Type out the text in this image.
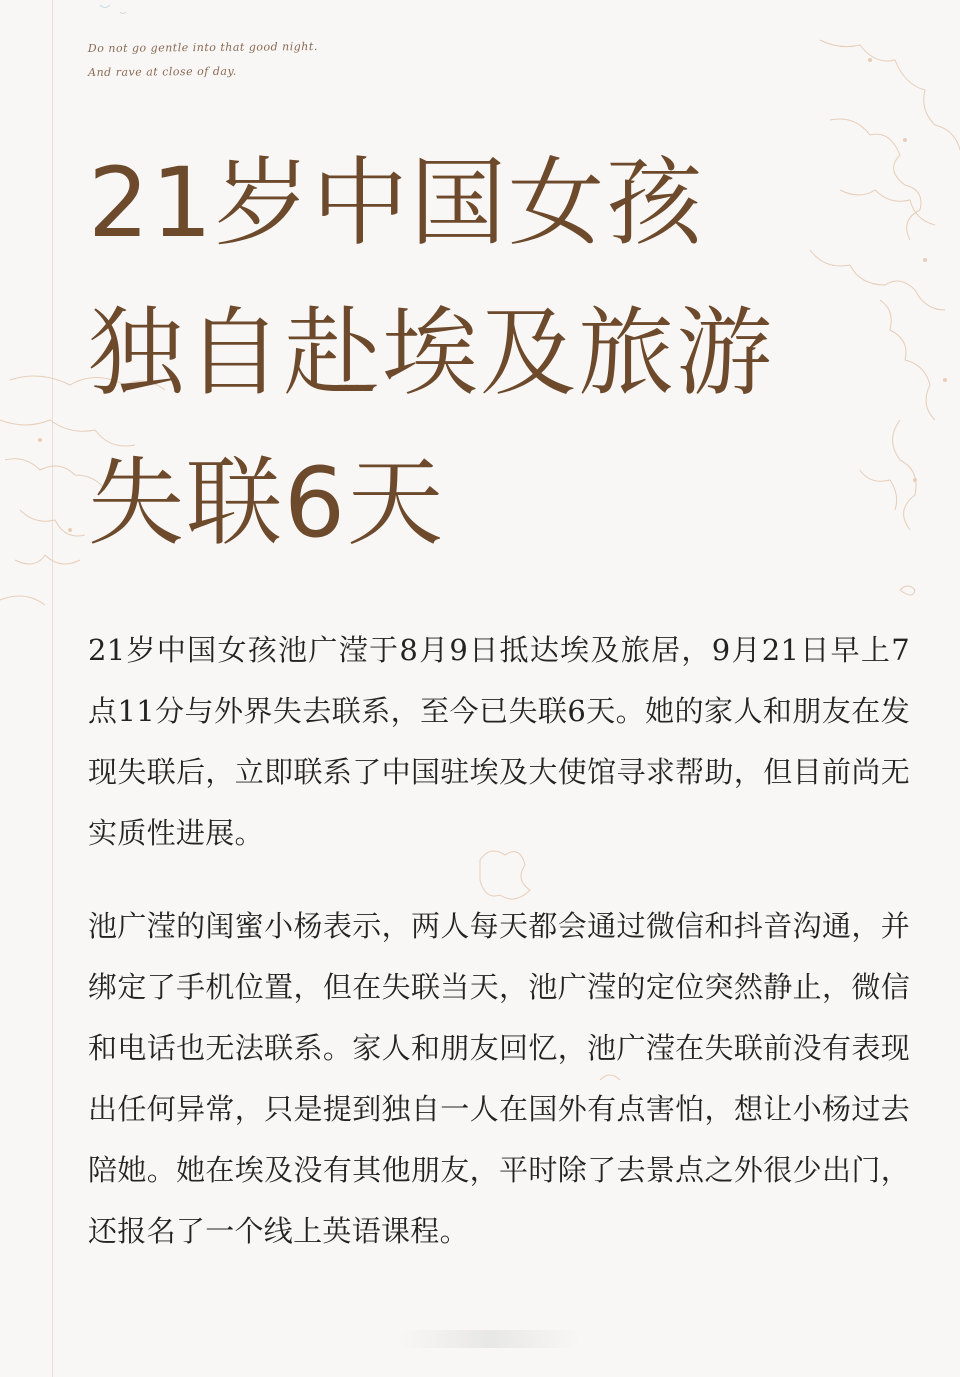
Do not go gentle into that good night.
And rave at close of day.
21岁中国女孩
独自赴埃及旅游
失联6天

21岁中国女孩池广滢于8月9日抵达埃及旅居，9月21日早上7点11分与外界失去联系，至今已失联6天。她的家人和朋友在发现失联后，立即联系了中国驻埃及大使馆寻求帮助，但目前尚无实质性进展。

池广滢的闺蜜小杨表示，两人每天都会通过微信和抖音沟通，并绑定了手机位置，但在失联当天，池广滢的定位突然静止，微信和电话也无法联系。家人和朋友回忆，池广滢在失联前没有表现出任何异常，只是提到独自一人在国外有点害怕，想让小杨过去陪她。她在埃及没有其他朋友，平时除了去景点之外很少出门，还报名了一个线上英语课程。
